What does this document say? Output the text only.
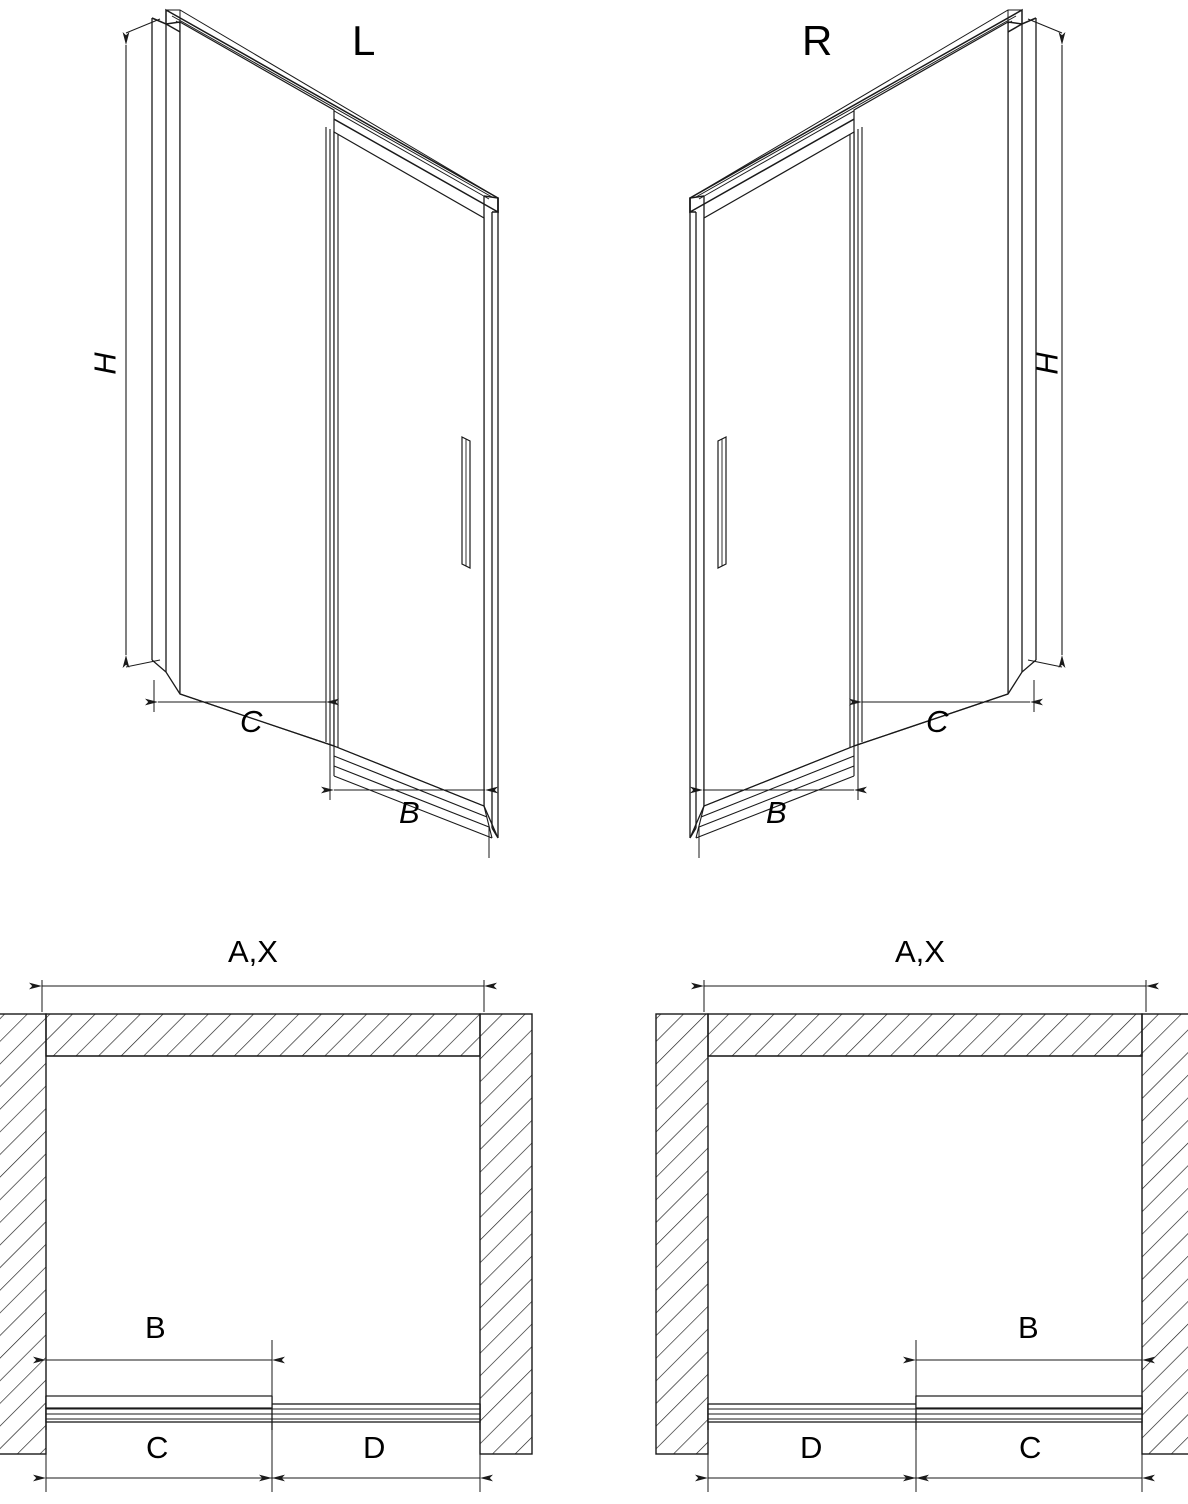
L	R
H
C
B
H
C
B
A,X
B
C	D
A,X
B
D	C
